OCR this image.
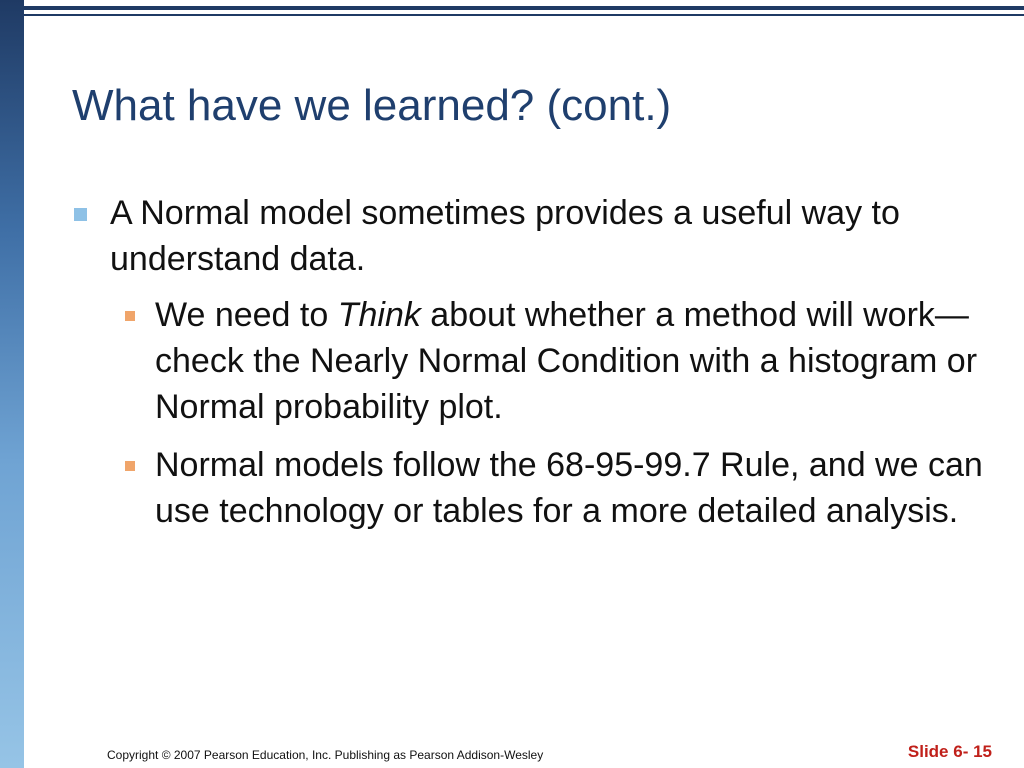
What have we learned? (cont.)
A Normal model sometimes provides a useful way to understand data.
We need to Think about whether a method will work—check the Nearly Normal Condition with a histogram or Normal probability plot.
Normal models follow the 68-95-99.7 Rule, and we can use technology or tables for a more detailed analysis.
Copyright © 2007 Pearson Education, Inc. Publishing as Pearson Addison-Wesley	Slide 6- 15
